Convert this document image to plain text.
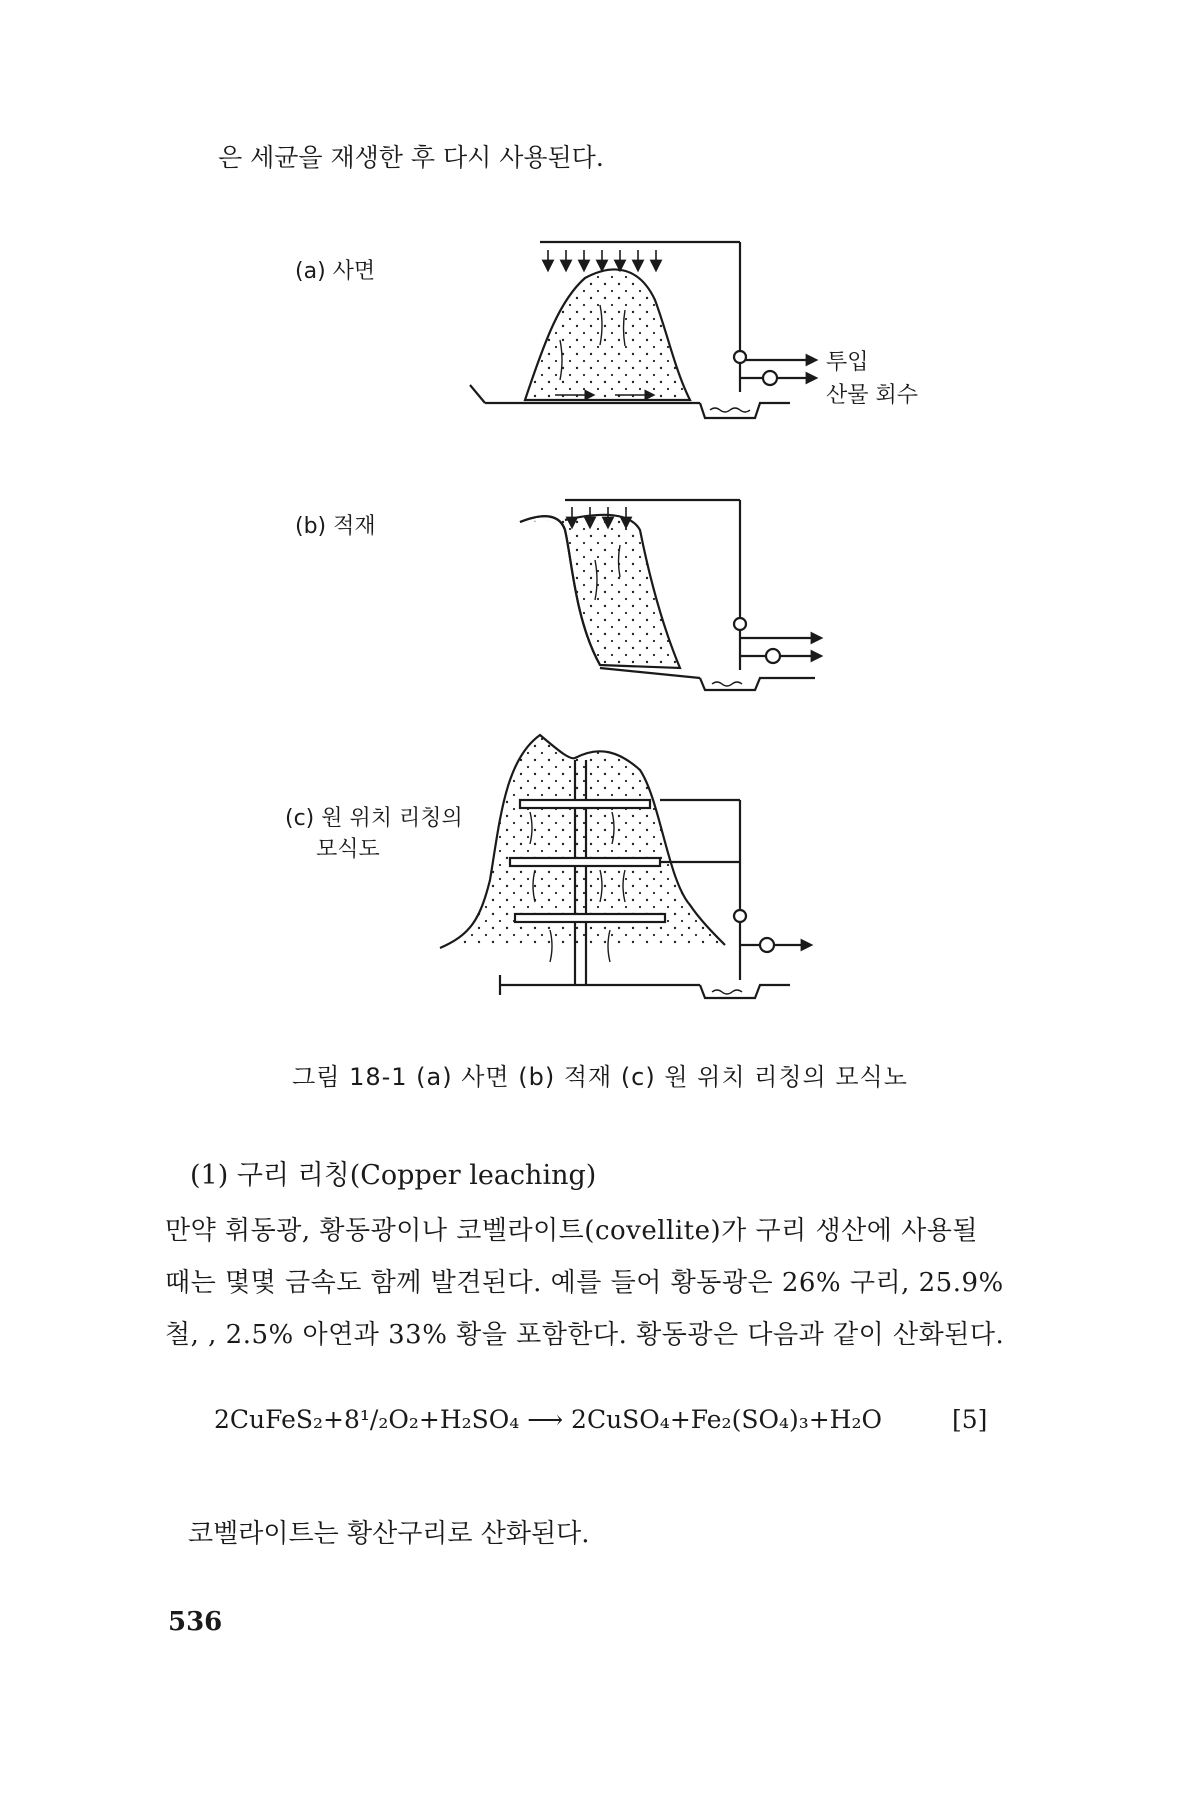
은 세균을 재생한 후 다시 사용된다.
투입
산물 회수
(a) 사면
(b) 적재
(c) 원 위치 리칭의
모식도
그림 18-1 (a) 사면 (b) 적재 (c) 원 위치 리칭의 모식노
(1) 구리 리칭(Copper leaching)
만약 휘동광, 황동광이나 코벨라이트(covellite)가 구리 생산에 사용될
때는 몇몇 금속도 함께 발견된다. 예를 들어 황동광은 26% 구리, 25.9%
철, , 2.5% 아연과 33% 황을 포함한다. 황동광은 다음과 같이 산화된다.
2CuFeS₂+8¹/₂O₂+H₂SO₄ ⟶ 2CuSO₄+Fe₂(SO₄)₃+H₂O	[5]
코벨라이트는 황산구리로 산화된다.
536
